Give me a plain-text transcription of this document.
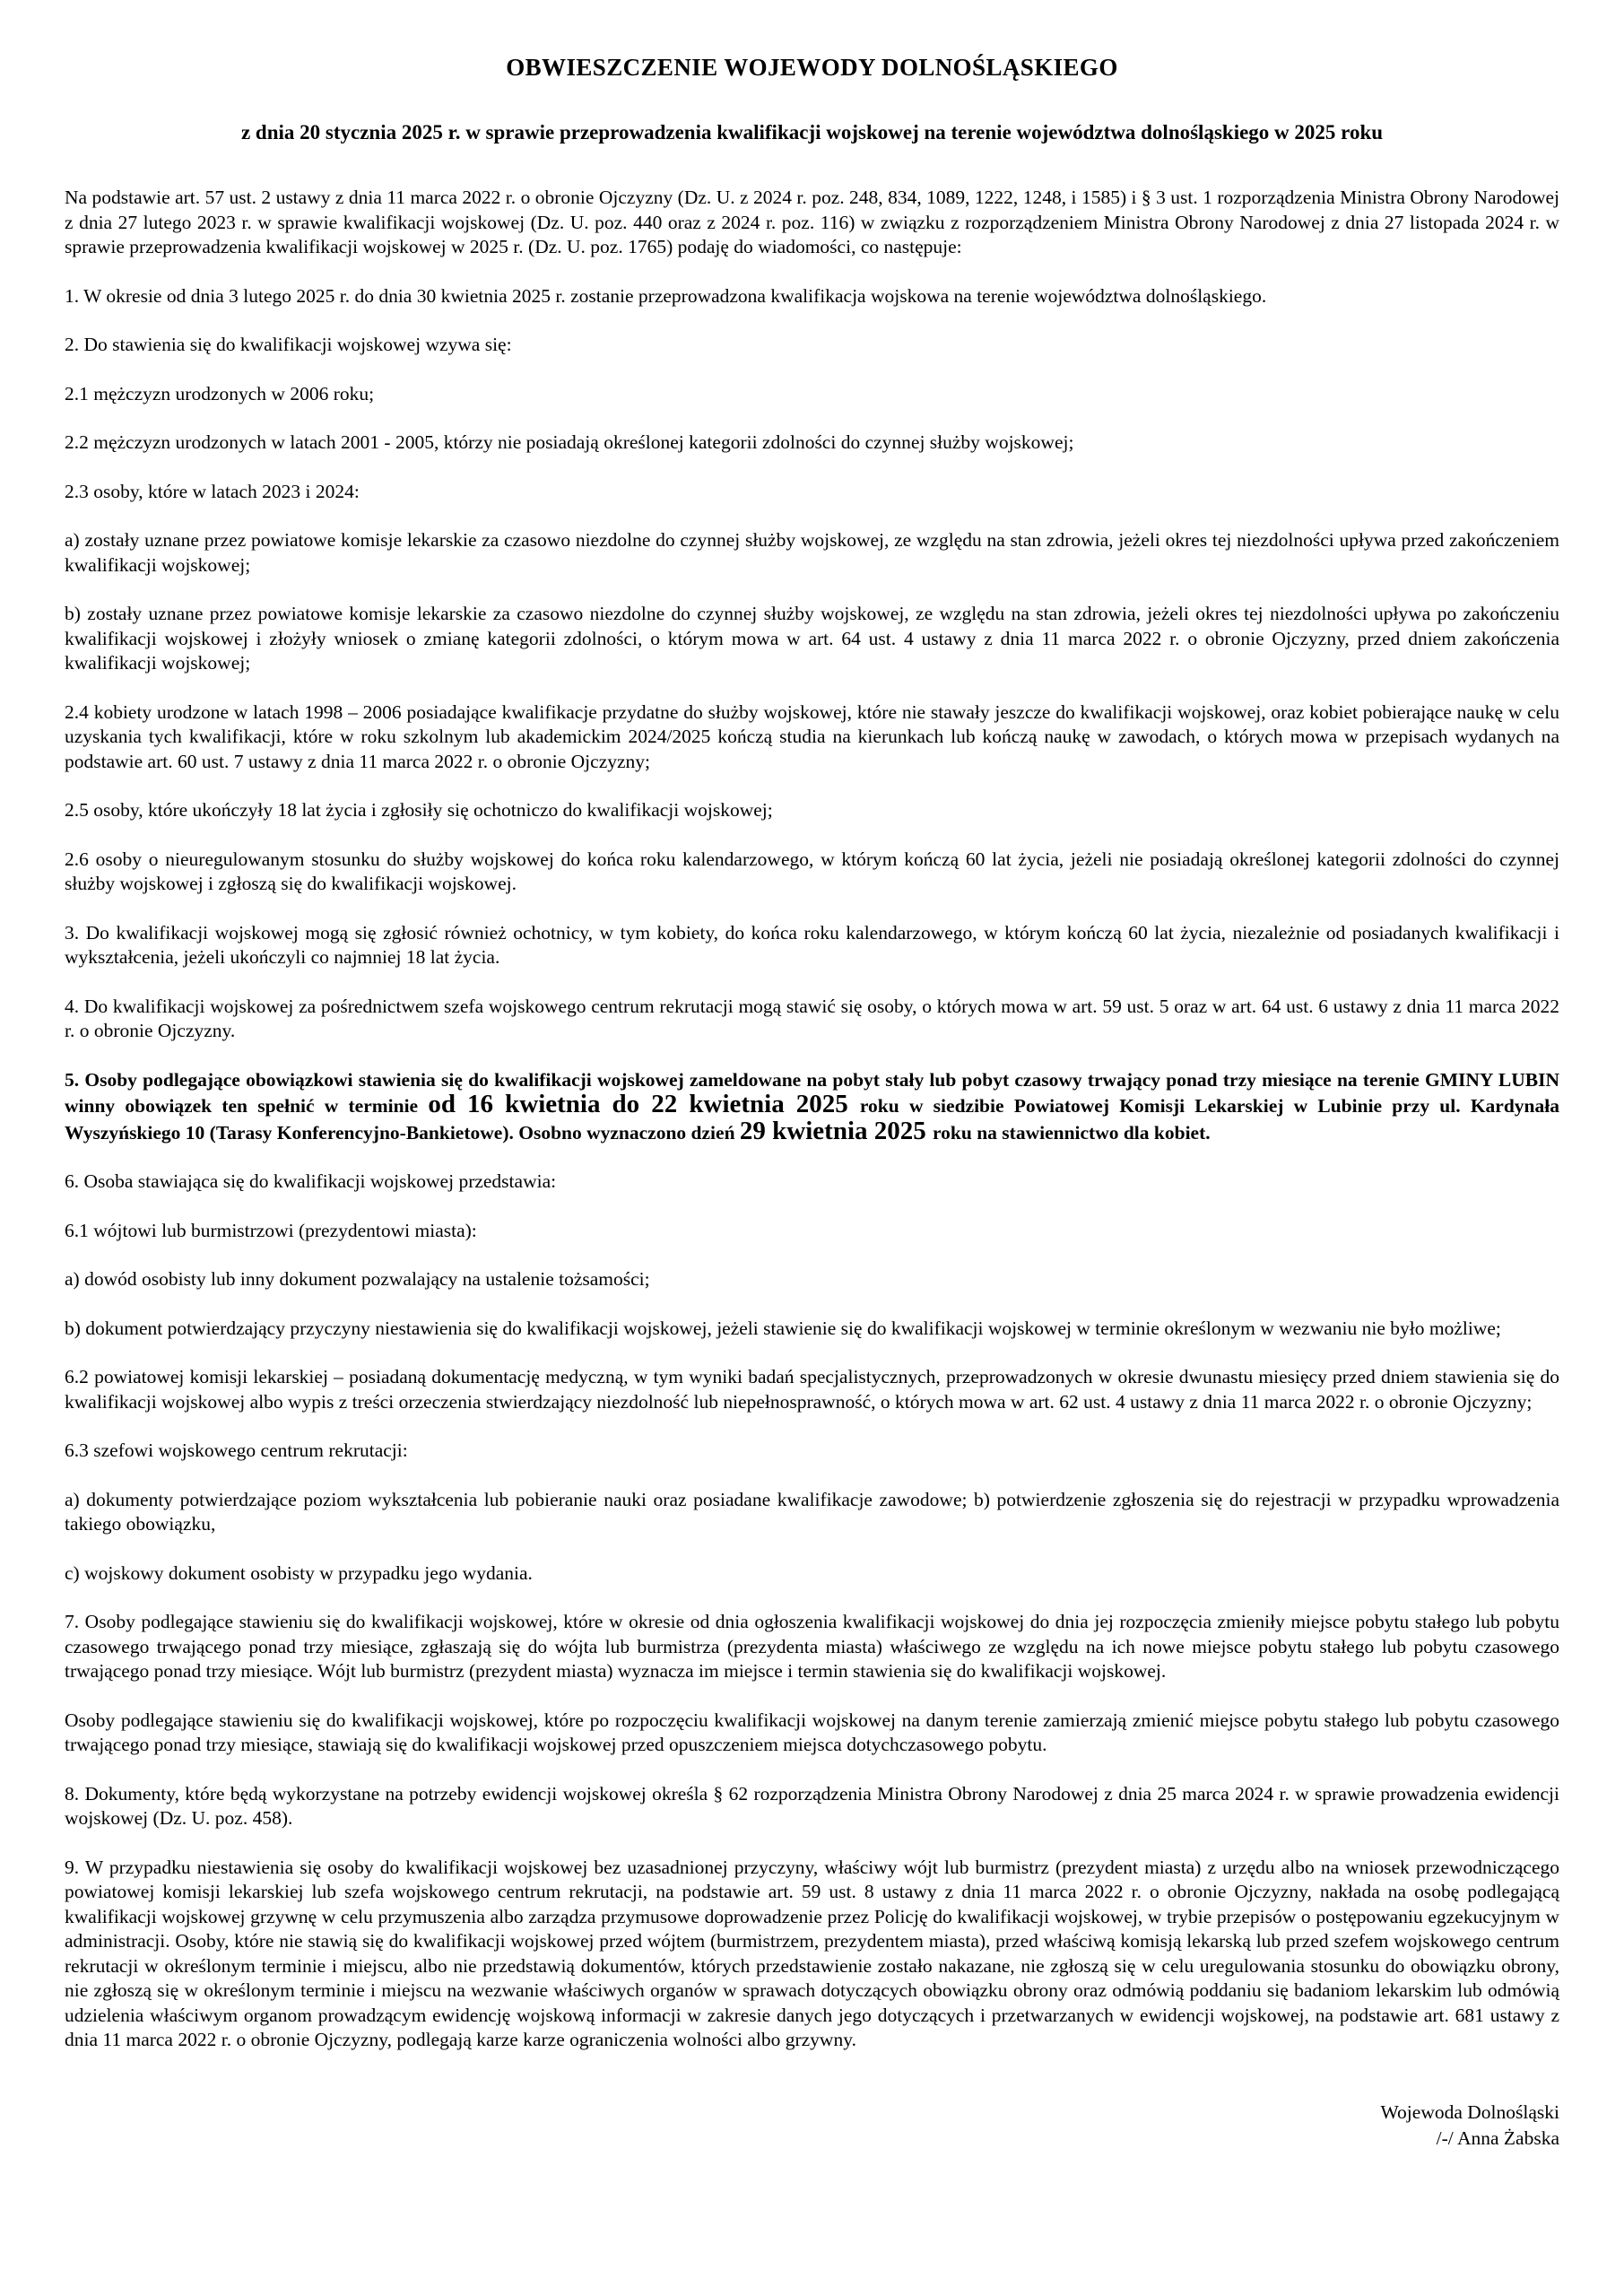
OBWIESZCZENIE WOJEWODY DOLNOŚLĄSKIEGO
z dnia 20 stycznia 2025 r. w sprawie przeprowadzenia kwalifikacji wojskowej na terenie województwa dolnośląskiego w 2025 roku

Na podstawie art. 57 ust. 2 ustawy z dnia 11 marca 2022 r. o obronie Ojczyzny (Dz. U. z 2024 r. poz. 248, 834, 1089, 1222, 1248, i 1585) i § 3 ust. 1 rozporządzenia Ministra Obrony Narodowej z dnia 27 lutego 2023 r. w sprawie kwalifikacji wojskowej (Dz. U. poz. 440 oraz z 2024 r. poz. 116) w związku z rozporządzeniem Ministra Obrony Narodowej z dnia 27 listopada 2024 r. w sprawie przeprowadzenia kwalifikacji wojskowej w 2025 r. (Dz. U. poz. 1765) podaję do wiadomości, co następuje:

1. W okresie od dnia 3 lutego 2025 r. do dnia 30 kwietnia 2025 r. zostanie przeprowadzona kwalifikacja wojskowa na terenie województwa dolnośląskiego.

2. Do stawienia się do kwalifikacji wojskowej wzywa się:

2.1 mężczyzn urodzonych w 2006 roku;

2.2 mężczyzn urodzonych w latach 2001 - 2005, którzy nie posiadają określonej kategorii zdolności do czynnej służby wojskowej;

2.3 osoby, które w latach 2023 i 2024:

a) zostały uznane przez powiatowe komisje lekarskie za czasowo niezdolne do czynnej służby wojskowej, ze względu na stan zdrowia, jeżeli okres tej niezdolności upływa przed zakończeniem kwalifikacji wojskowej;

b) zostały uznane przez powiatowe komisje lekarskie za czasowo niezdolne do czynnej służby wojskowej, ze względu na stan zdrowia, jeżeli okres tej niezdolności upływa po zakończeniu kwalifikacji wojskowej i złożyły wniosek o zmianę kategorii zdolności, o którym mowa w art. 64 ust. 4 ustawy z dnia 11 marca 2022 r. o obronie Ojczyzny, przed dniem zakończenia kwalifikacji wojskowej;

2.4 kobiety urodzone w latach 1998 – 2006 posiadające kwalifikacje przydatne do służby wojskowej, które nie stawały jeszcze do kwalifikacji wojskowej, oraz kobiet pobierające naukę w celu uzyskania tych kwalifikacji, które w roku szkolnym lub akademickim 2024/2025 kończą studia na kierunkach lub kończą naukę w zawodach, o których mowa w przepisach wydanych na podstawie art. 60 ust. 7 ustawy z dnia 11 marca 2022 r. o obronie Ojczyzny;

2.5 osoby, które ukończyły 18 lat życia i zgłosiły się ochotniczo do kwalifikacji wojskowej;

2.6 osoby o nieuregulowanym stosunku do służby wojskowej do końca roku kalendarzowego, w którym kończą 60 lat życia, jeżeli nie posiadają określonej kategorii zdolności do czynnej służby wojskowej i zgłoszą się do kwalifikacji wojskowej.

3. Do kwalifikacji wojskowej mogą się zgłosić również ochotnicy, w tym kobiety, do końca roku kalendarzowego, w którym kończą 60 lat życia, niezależnie od posiadanych kwalifikacji i wykształcenia, jeżeli ukończyli co najmniej 18 lat życia.

4. Do kwalifikacji wojskowej za pośrednictwem szefa wojskowego centrum rekrutacji mogą stawić się osoby, o których mowa w art. 59 ust. 5 oraz w art. 64 ust. 6 ustawy z dnia 11 marca 2022 r. o obronie Ojczyzny.

5. Osoby podlegające obowiązkowi stawienia się do kwalifikacji wojskowej zameldowane na pobyt stały lub pobyt czasowy trwający ponad trzy miesiące na terenie GMINY LUBIN winny obowiązek ten spełnić w terminie od 16 kwietnia do 22 kwietnia 2025 roku w siedzibie Powiatowej Komisji Lekarskiej w Lubinie przy ul. Kardynała Wyszyńskiego 10 (Tarasy Konferencyjno-Bankietowe). Osobno wyznaczono dzień 29 kwietnia 2025 roku na stawiennictwo dla kobiet.

6. Osoba stawiająca się do kwalifikacji wojskowej przedstawia:

6.1 wójtowi lub burmistrzowi (prezydentowi miasta):

a) dowód osobisty lub inny dokument pozwalający na ustalenie tożsamości;

b) dokument potwierdzający przyczyny niestawienia się do kwalifikacji wojskowej, jeżeli stawienie się do kwalifikacji wojskowej w terminie określonym w wezwaniu nie było możliwe;

6.2 powiatowej komisji lekarskiej – posiadaną dokumentację medyczną, w tym wyniki badań specjalistycznych, przeprowadzonych w okresie dwunastu miesięcy przed dniem stawienia się do kwalifikacji wojskowej albo wypis z treści orzeczenia stwierdzający niezdolność lub niepełnosprawność, o których mowa w art. 62 ust. 4 ustawy z dnia 11 marca 2022 r. o obronie Ojczyzny;

6.3 szefowi wojskowego centrum rekrutacji:

a) dokumenty potwierdzające poziom wykształcenia lub pobieranie nauki oraz posiadane kwalifikacje zawodowe; b) potwierdzenie zgłoszenia się do rejestracji w przypadku wprowadzenia takiego obowiązku,

c) wojskowy dokument osobisty w przypadku jego wydania.

7. Osoby podlegające stawieniu się do kwalifikacji wojskowej, które w okresie od dnia ogłoszenia kwalifikacji wojskowej do dnia jej rozpoczęcia zmieniły miejsce pobytu stałego lub pobytu czasowego trwającego ponad trzy miesiące, zgłaszają się do wójta lub burmistrza (prezydenta miasta) właściwego ze względu na ich nowe miejsce pobytu stałego lub pobytu czasowego trwającego ponad trzy miesiące. Wójt lub burmistrz (prezydent miasta) wyznacza im miejsce i termin stawienia się do kwalifikacji wojskowej.

Osoby podlegające stawieniu się do kwalifikacji wojskowej, które po rozpoczęciu kwalifikacji wojskowej na danym terenie zamierzają zmienić miejsce pobytu stałego lub pobytu czasowego trwającego ponad trzy miesiące, stawiają się do kwalifikacji wojskowej przed opuszczeniem miejsca dotychczasowego pobytu.

8. Dokumenty, które będą wykorzystane na potrzeby ewidencji wojskowej określa § 62 rozporządzenia Ministra Obrony Narodowej z dnia 25 marca 2024 r. w sprawie prowadzenia ewidencji wojskowej (Dz. U. poz. 458).

9. W przypadku niestawienia się osoby do kwalifikacji wojskowej bez uzasadnionej przyczyny, właściwy wójt lub burmistrz (prezydent miasta) z urzędu albo na wniosek przewodniczącego powiatowej komisji lekarskiej lub szefa wojskowego centrum rekrutacji, na podstawie art. 59 ust. 8 ustawy z dnia 11 marca 2022 r. o obronie Ojczyzny, nakłada na osobę podlegającą kwalifikacji wojskowej grzywnę w celu przymuszenia albo zarządza przymusowe doprowadzenie przez Policję do kwalifikacji wojskowej, w trybie przepisów o postępowaniu egzekucyjnym w administracji. Osoby, które nie stawią się do kwalifikacji wojskowej przed wójtem (burmistrzem, prezydentem miasta), przed właściwą komisją lekarską lub przed szefem wojskowego centrum rekrutacji w określonym terminie i miejscu, albo nie przedstawią dokumentów, których przedstawienie zostało nakazane, nie zgłoszą się w celu uregulowania stosunku do obowiązku obrony, nie zgłoszą się w określonym terminie i miejscu na wezwanie właściwych organów w sprawach dotyczących obowiązku obrony oraz odmówią poddaniu się badaniom lekarskim lub odmówią udzielenia właściwym organom prowadzącym ewidencję wojskową informacji w zakresie danych jego dotyczących i przetwarzanych w ewidencji wojskowej, na podstawie art. 681 ustawy z dnia 11 marca 2022 r. o obronie Ojczyzny, podlegają karze karze ograniczenia wolności albo grzywny.

Wojewoda Dolnośląski
/-/ Anna Żabska
